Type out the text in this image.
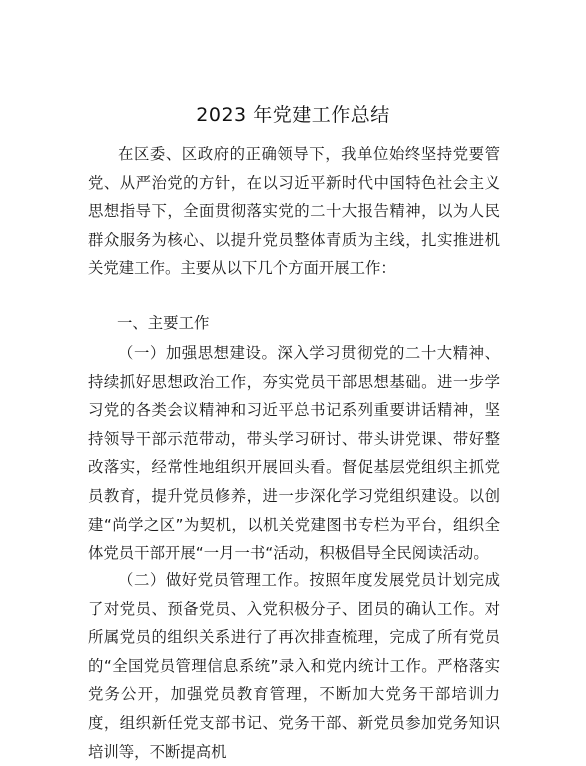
2023 年党建工作总结

在区委、区政府的正确领导下，我单位始终坚持党要管党、从严治党的方针，在以习近平新时代中国特色社会主义思想指导下，全面贯彻落实党的二十大报告精神，以为人民群众服务为核心、以提升党员整体青质为主线，扎实推进机关党建工作。主要从以下几个方面开展工作：

一、主要工作

（一）加强思想建设。深入学习贯彻党的二十大精神、持续抓好思想政治工作，夯实党员干部思想基础。进一步学习党的各类会议精神和习近平总书记系列重要讲话精神，坚持领导干部示范带动，带头学习研讨、带头讲党课、带好整改落实，经常性地组织开展回头看。督促基层党组织主抓党员教育，提升党员修养，进一步深化学习党组织建设。以创建“尚学之区”为契机，以机关党建图书专栏为平台，组织全体党员干部开展“一月一书“活动，积极倡导全民阅读活动。

（二）做好党员管理工作。按照年度发展党员计划完成了对党员、预备党员、入党积极分子、团员的确认工作。对所属党员的组织关系进行了再次排查梳理，完成了所有党员的“全国党员管理信息系统”录入和党内统计工作。严格落实党务公开，加强党员教育管理，不断加大党务干部培训力度，组织新任党支部书记、党务干部、新党员参加党务知识培训等，不断提高机
